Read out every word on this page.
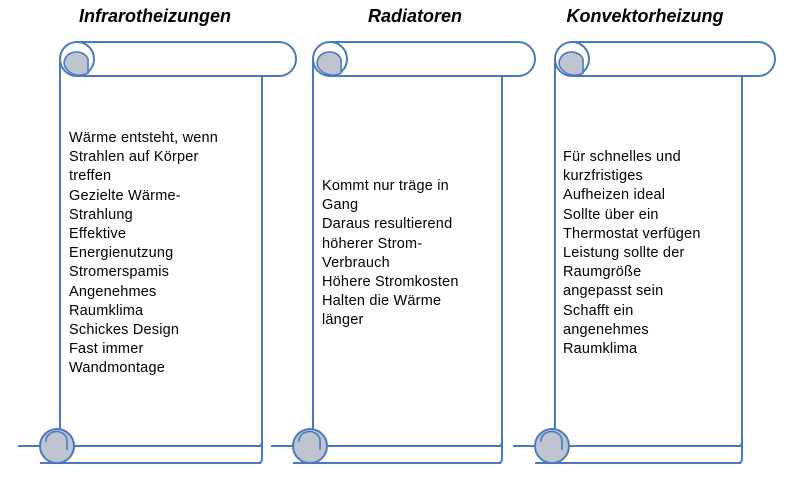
Infrarotheizungen	Radiatoren	Konvektorheizung
Wärme entsteht, wenn
Strahlen auf Körper
treffen
Gezielte Wärme-
Strahlung
Effektive
Energienutzung
Stromerspamis
Angenehmes
Raumklima
Schickes Design
Fast immer
Wandmontage
Kommt nur träge in
Gang
Daraus resultierend
höherer Strom-
Verbrauch
Höhere Stromkosten
Halten die Wärme
länger
Für schnelles und
kurzfristiges
Aufheizen ideal
Sollte über ein
Thermostat verfügen
Leistung sollte der
Raumgröße
angepasst sein
Schafft ein
angenehmes
Raumklima
